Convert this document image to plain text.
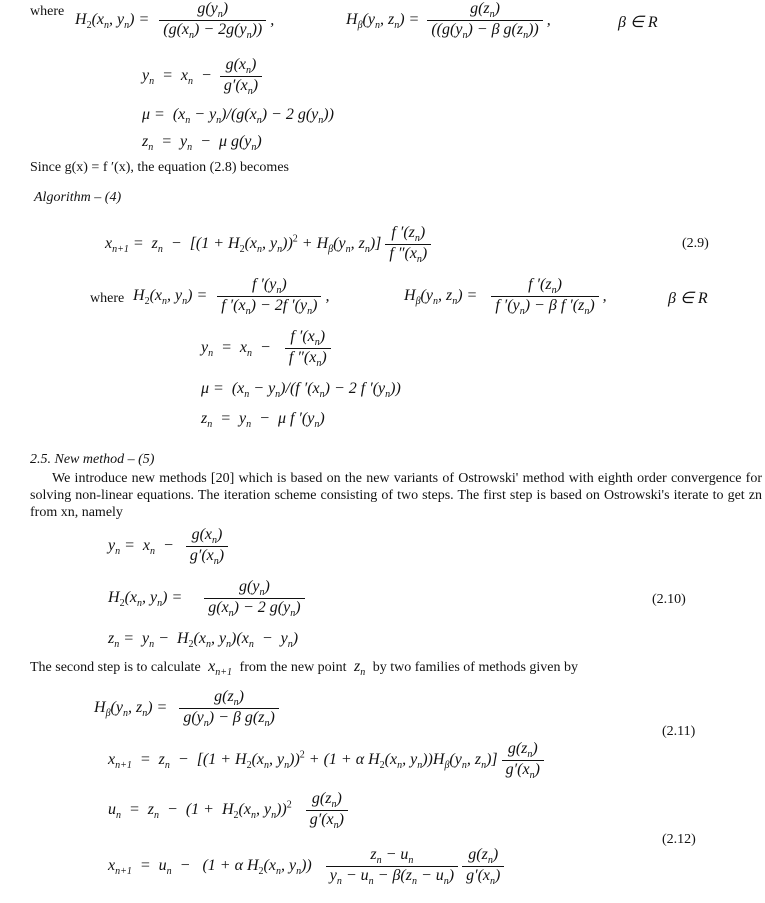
where $H_2(x_n$, $y_n) = \frac{g(y_n)}{(g(x_n) - 2g(y_n))}$ ,	$H_\beta(y_n$, $z_n) = \frac{g(z_n)}{((g(y_n) - \beta g(z_n))}$ ,	β ∈ R
$y_n = x_n - \frac{g(x_n)}{g'(x_n)}$
$\mu = (x_n - y_n)/(g(x_n) - 2$ $g(y_n)$)
$z_n = y_n - \mu$ $g(y_n)$
Since g(x) = f ′(x), the equation (2.8) becomes
Algorithm – (4)
$x_{n+1} = z_n - [(1 + H_2(x_n$, $y_n))^2 + H_\beta(y_n$, $z_n)] \frac{f '(z_n)}{f ''(x_n)}$	(2.9)
where $H_2(x_n$, $y_n) = \frac{f '(y_n)}{f '(x_n) - 2f '(y_n)}$ ,	$H_\beta(y_n$, $z_n) = \frac{f '(z_n)}{f '(y_n) - \beta f '(z_n)}$ ,	β ∈ R
$y_n = x_n - \frac{f '(x_n)}{f ''(x_n)}$
$\mu = (x_n - y_n)/(f$ $'(x_n) - 2$ f $'(y_n)$)
$z_n = y_n - \mu$ f $'(y_n)$
2.5. New method – (5)
We introduce new methods [20] which is based on the new variants of Ostrowski' method with eighth order convergence for solving non-linear equations. The iteration scheme consisting of two steps. The first step is based on Ostrowski's iterate to get zn from xn, namely
$y_n = x_n - \frac{g(x_n)}{g'(x_n)}$
$H_2(x_n$, $y_n) = \frac{g(y_n)}{g(x_n) - 2 g(y_n)}$	(2.10)
$z_n = y_n - H_2(x_n$, $y_n)(x_n - y_n)$
The second step is to calculate $x_{n+1}$ from the new point $z_n$ by two families of methods given by
$H_\beta(y_n$, $z_n) = \frac{g(z_n)}{g(y_n) - \beta g(z_n)}$
(2.11)
$x_{n+1} = z_n - [(1 + H_2(x_n$, $y_n))^2 + (1 + \alpha$ $H_2(x_n$, $y_n))H_\beta(y_n$, $z_n)] \frac{g(z_n)}{g'(x_n)}$
$u_n = z_n - (1 + H_2(x_n$, $y_n))^2 \frac{g(z_n)}{g'(x_n)}$
(2.12)
$x_{n+1} = u_n - (1 + \alpha$ $H_2(x_n$, $y_n)) \frac{z_n - u_n}{y_n - u_n - \beta(z_n - u_n)}$
$\frac{g(z_n)}{g'(x_n)}$
